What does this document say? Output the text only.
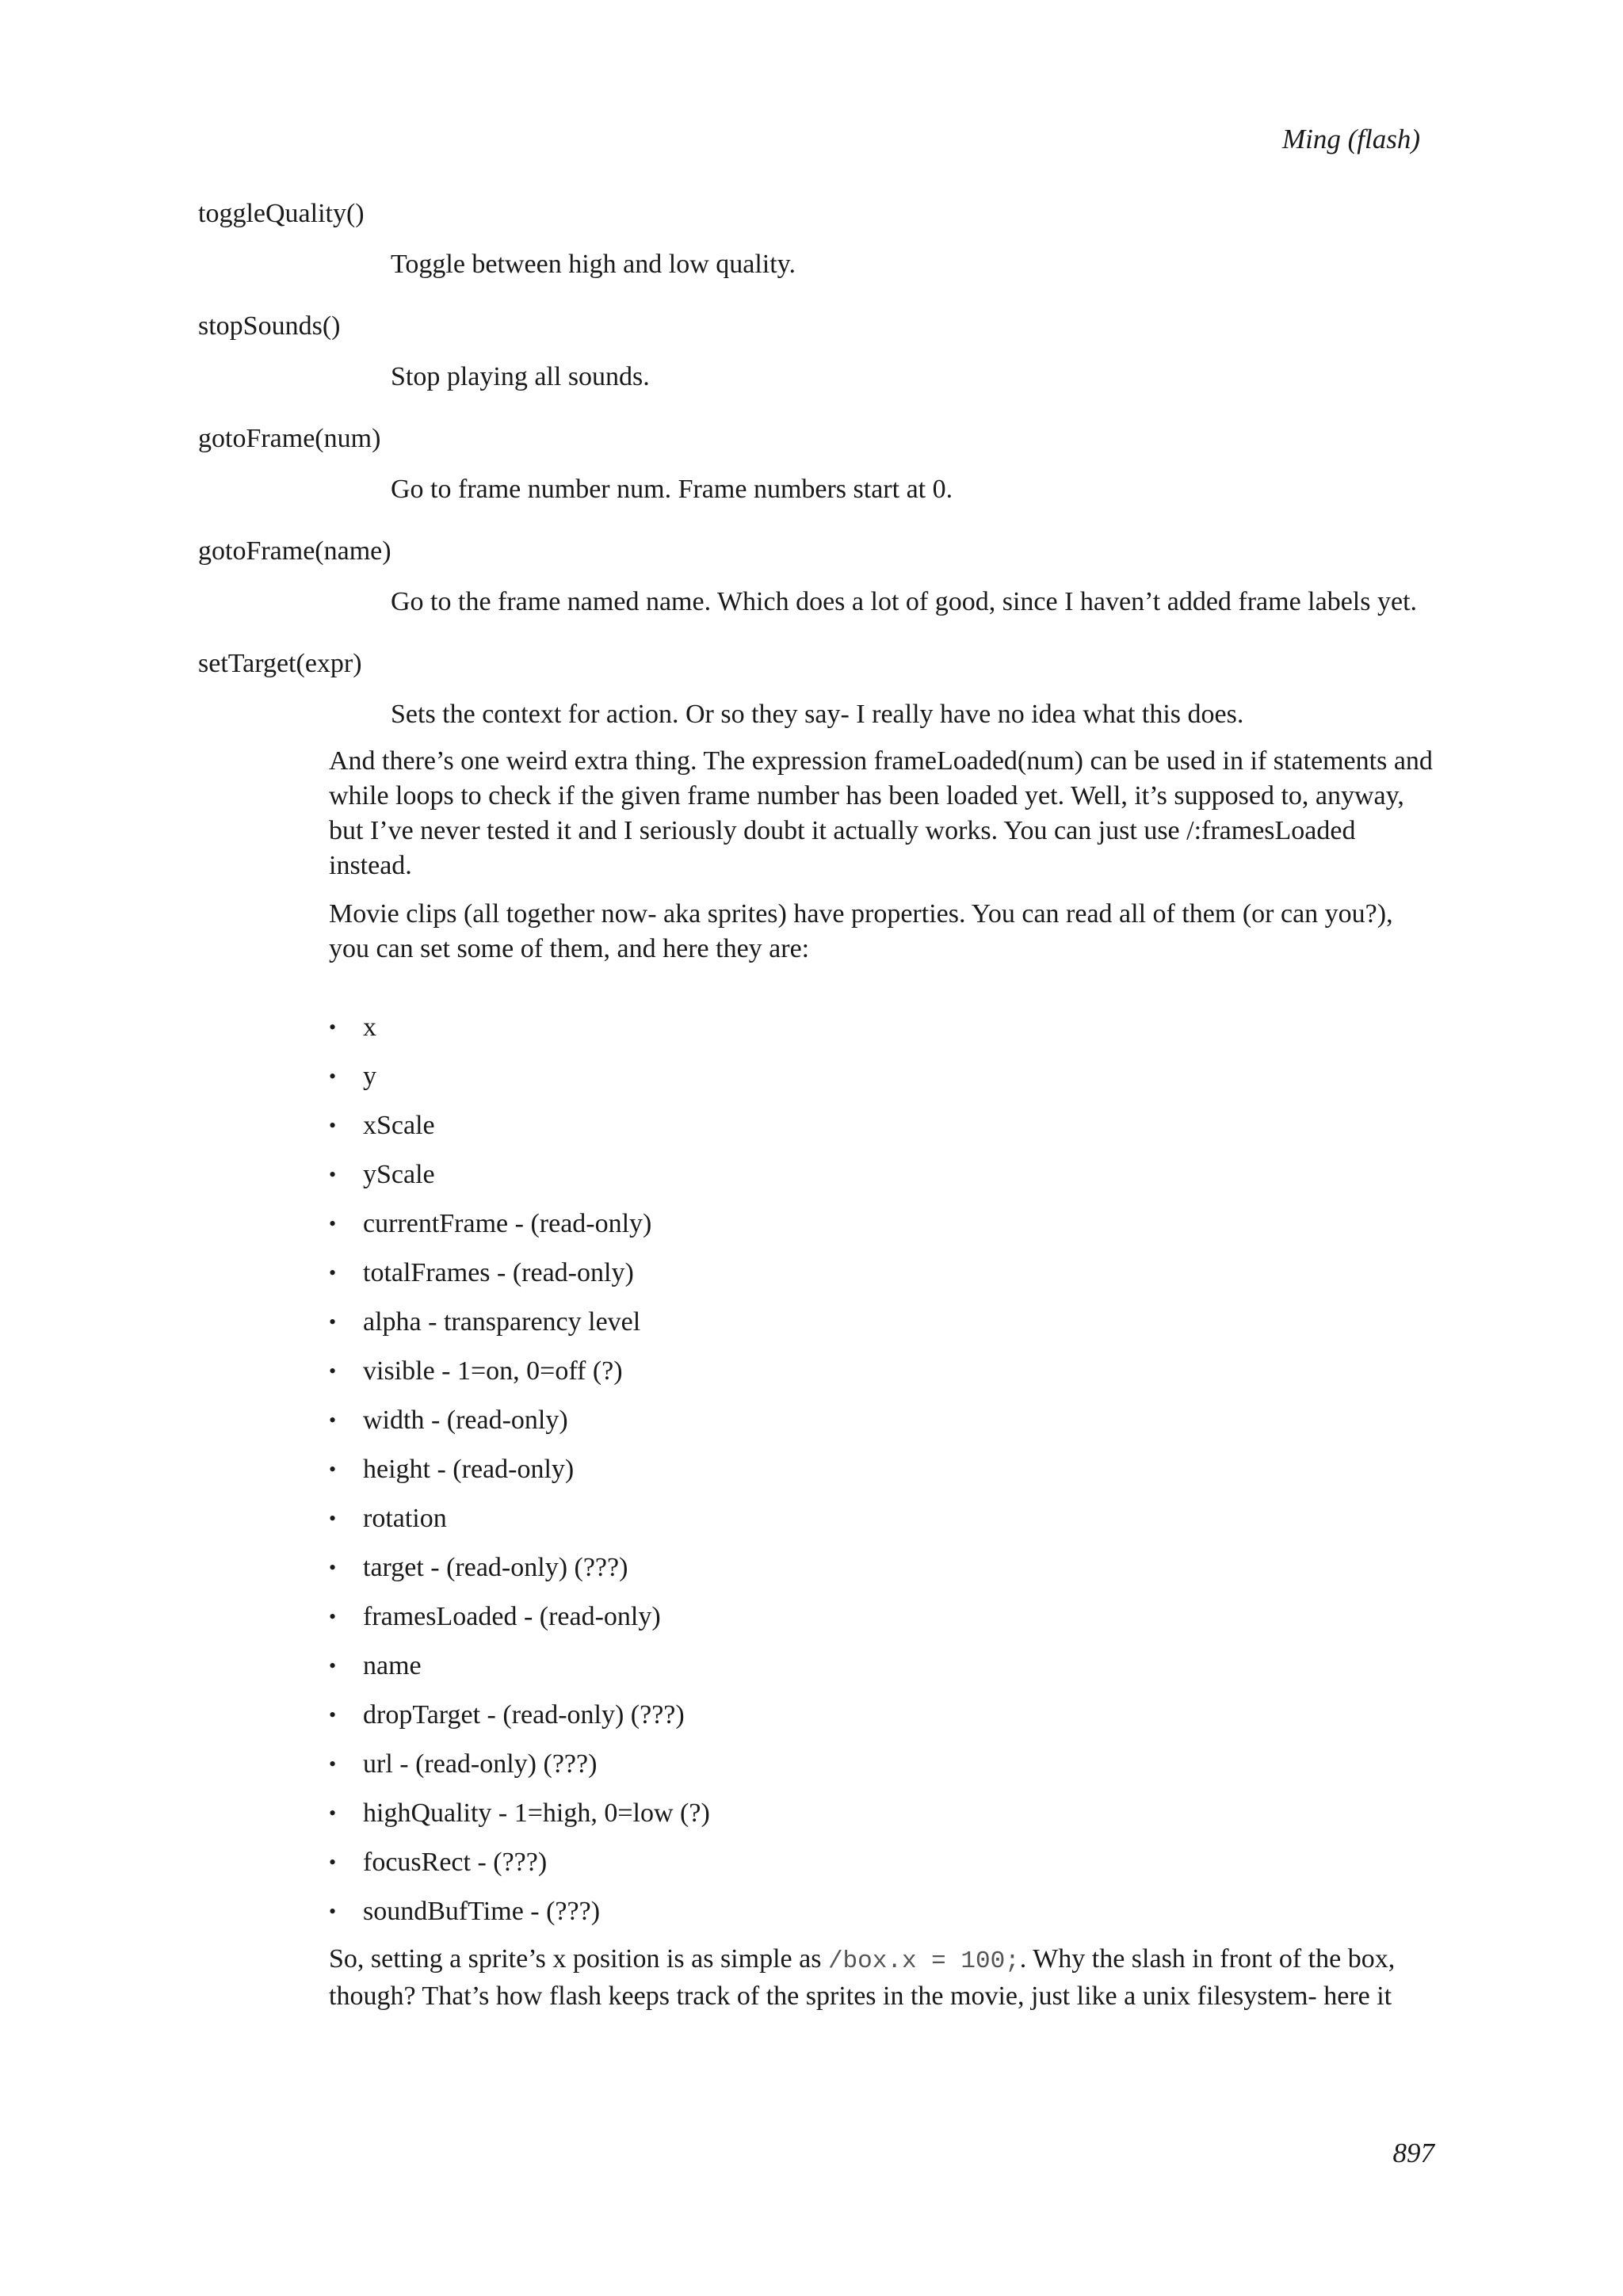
Ming (flash)

toggleQuality()

Toggle between high and low quality.

stopSounds()

Stop playing all sounds.

gotoFrame(num)

Go to frame number num. Frame numbers start at 0.

gotoFrame(name)

Go to the frame named name. Which does a lot of good, since I haven’t added frame labels yet.

setTarget(expr)

Sets the context for action. Or so they say- I really have no idea what this does.

And there’s one weird extra thing. The expression frameLoaded(num) can be used in if statements and while loops to check if the given frame number has been loaded yet. Well, it’s supposed to, anyway, but I’ve never tested it and I seriously doubt it actually works. You can just use /:framesLoaded instead.

Movie clips (all together now- aka sprites) have properties. You can read all of them (or can you?), you can set some of them, and here they are:

• x
• y
• xScale
• yScale
• currentFrame - (read-only)
• totalFrames - (read-only)
• alpha - transparency level
• visible - 1=on, 0=off (?)
• width - (read-only)
• height - (read-only)
• rotation
• target - (read-only) (???)
• framesLoaded - (read-only)
• name
• dropTarget - (read-only) (???)
• url - (read-only) (???)
• highQuality - 1=high, 0=low (?)
• focusRect - (???)
• soundBufTime - (???)

So, setting a sprite’s x position is as simple as /box.x = 100;. Why the slash in front of the box, though? That’s how flash keeps track of the sprites in the movie, just like a unix filesystem- here it

897
